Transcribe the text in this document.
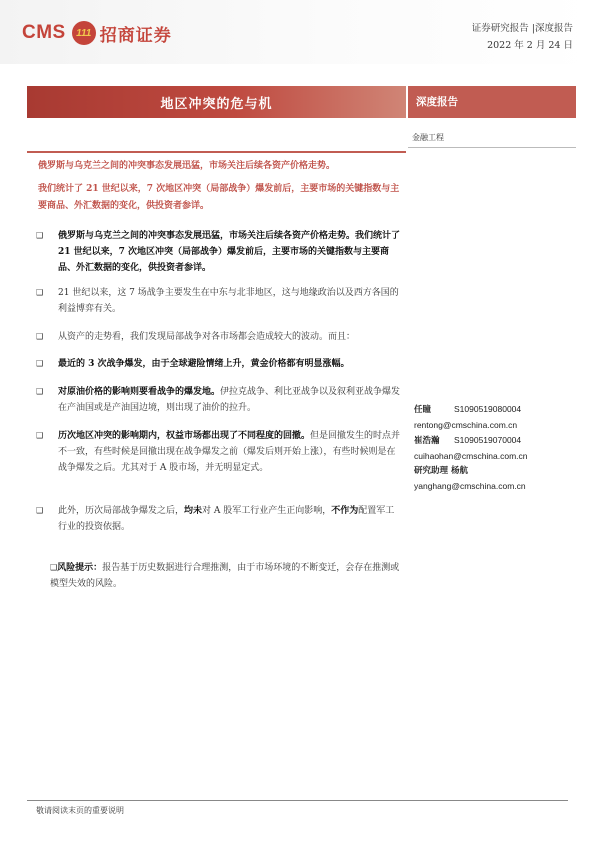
CMS 111 招商证券	证券研究报告 |深度报告
2022 年 2 月 24 日
地区冲突的危与机	深度报告
金融工程
俄罗斯与乌克兰之间的冲突事态发展迅猛，市场关注后续各资产价格走势。
我们统计了 21 世纪以来，7 次地区冲突（局部战争）爆发前后，主要市场的关键指数与主要商品、外汇数据的变化，供投资者参详。
❑	俄罗斯与乌克兰之间的冲突事态发展迅猛，市场关注后续各资产价格走势。我们统计了 21 世纪以来，7 次地区冲突（局部战争）爆发前后，主要市场的关键指数与主要商品、外汇数据的变化，供投资者参详。
❑	21 世纪以来，这 7 场战争主要发生在中东与北非地区，这与地缘政治以及西方各国的利益博弈有关。
❑	从资产的走势看，我们发现局部战争对各市场都会造成较大的波动。而且：
❑	最近的 3 次战争爆发，由于全球避险情绪上升，黄金价格都有明显涨幅。
❑	对原油价格的影响则要看战争的爆发地。伊拉克战争、利比亚战争以及叙利亚战争爆发在产油国或是产油国边境，则出现了油价的拉升。
❑	历次地区冲突的影响期内，权益市场都出现了不同程度的回撤。但是回撤发生的时点并不一致，有些时候是回撤出现在战争爆发之前（爆发后则开始上涨），有些时候则是在战争爆发之后。尤其对于 A 股市场，并无明显定式。
❑	此外，历次局部战争爆发之后，均未对 A 股军工行业产生正向影响，不作为配置军工行业的投资依据。
❑风险提示：报告基于历史数据进行合理推测，由于市场环境的不断变迁，会存在推测或模型失效的风险。
任瞳	S1090519080004
rentong@cmschina.com.cn
崔浩瀚 S1090519070004
cuihaohan@cmschina.com.cn
研究助理 杨航
yanghang@cmschina.com.cn
敬请阅读末页的重要说明
